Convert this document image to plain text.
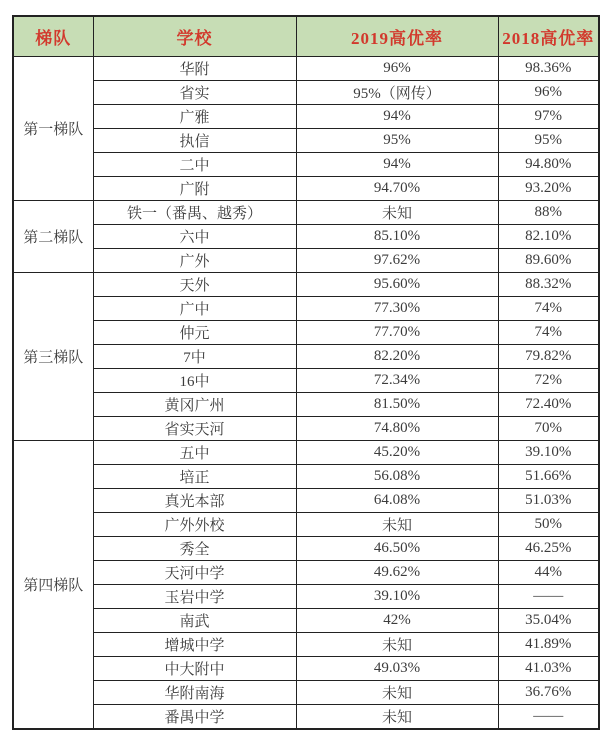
梯队	学校	2019高优率	2018高优率
第一梯队	华附	96%	98.36%
	省实	95%（网传）	96%
	广雅	94%	97%
	执信	95%	95%
	二中	94%	94.80%
	广附	94.70%	93.20%
第二梯队	铁一（番禺、越秀）	未知	88%
	六中	85.10%	82.10%
	广外	97.62%	89.60%
第三梯队	天外	95.60%	88.32%
	广中	77.30%	74%
	仲元	77.70%	74%
	7中	82.20%	79.82%
	16中	72.34%	72%
	黄冈广州	81.50%	72.40%
	省实天河	74.80%	70%
第四梯队	五中	45.20%	39.10%
	培正	56.08%	51.66%
	真光本部	64.08%	51.03%
	广外外校	未知	50%
	秀全	46.50%	46.25%
	天河中学	49.62%	44%
	玉岩中学	39.10%	——
	南武	42%	35.04%
	增城中学	未知	41.89%
	中大附中	49.03%	41.03%
	华附南海	未知	36.76%
	番禺中学	未知	——
